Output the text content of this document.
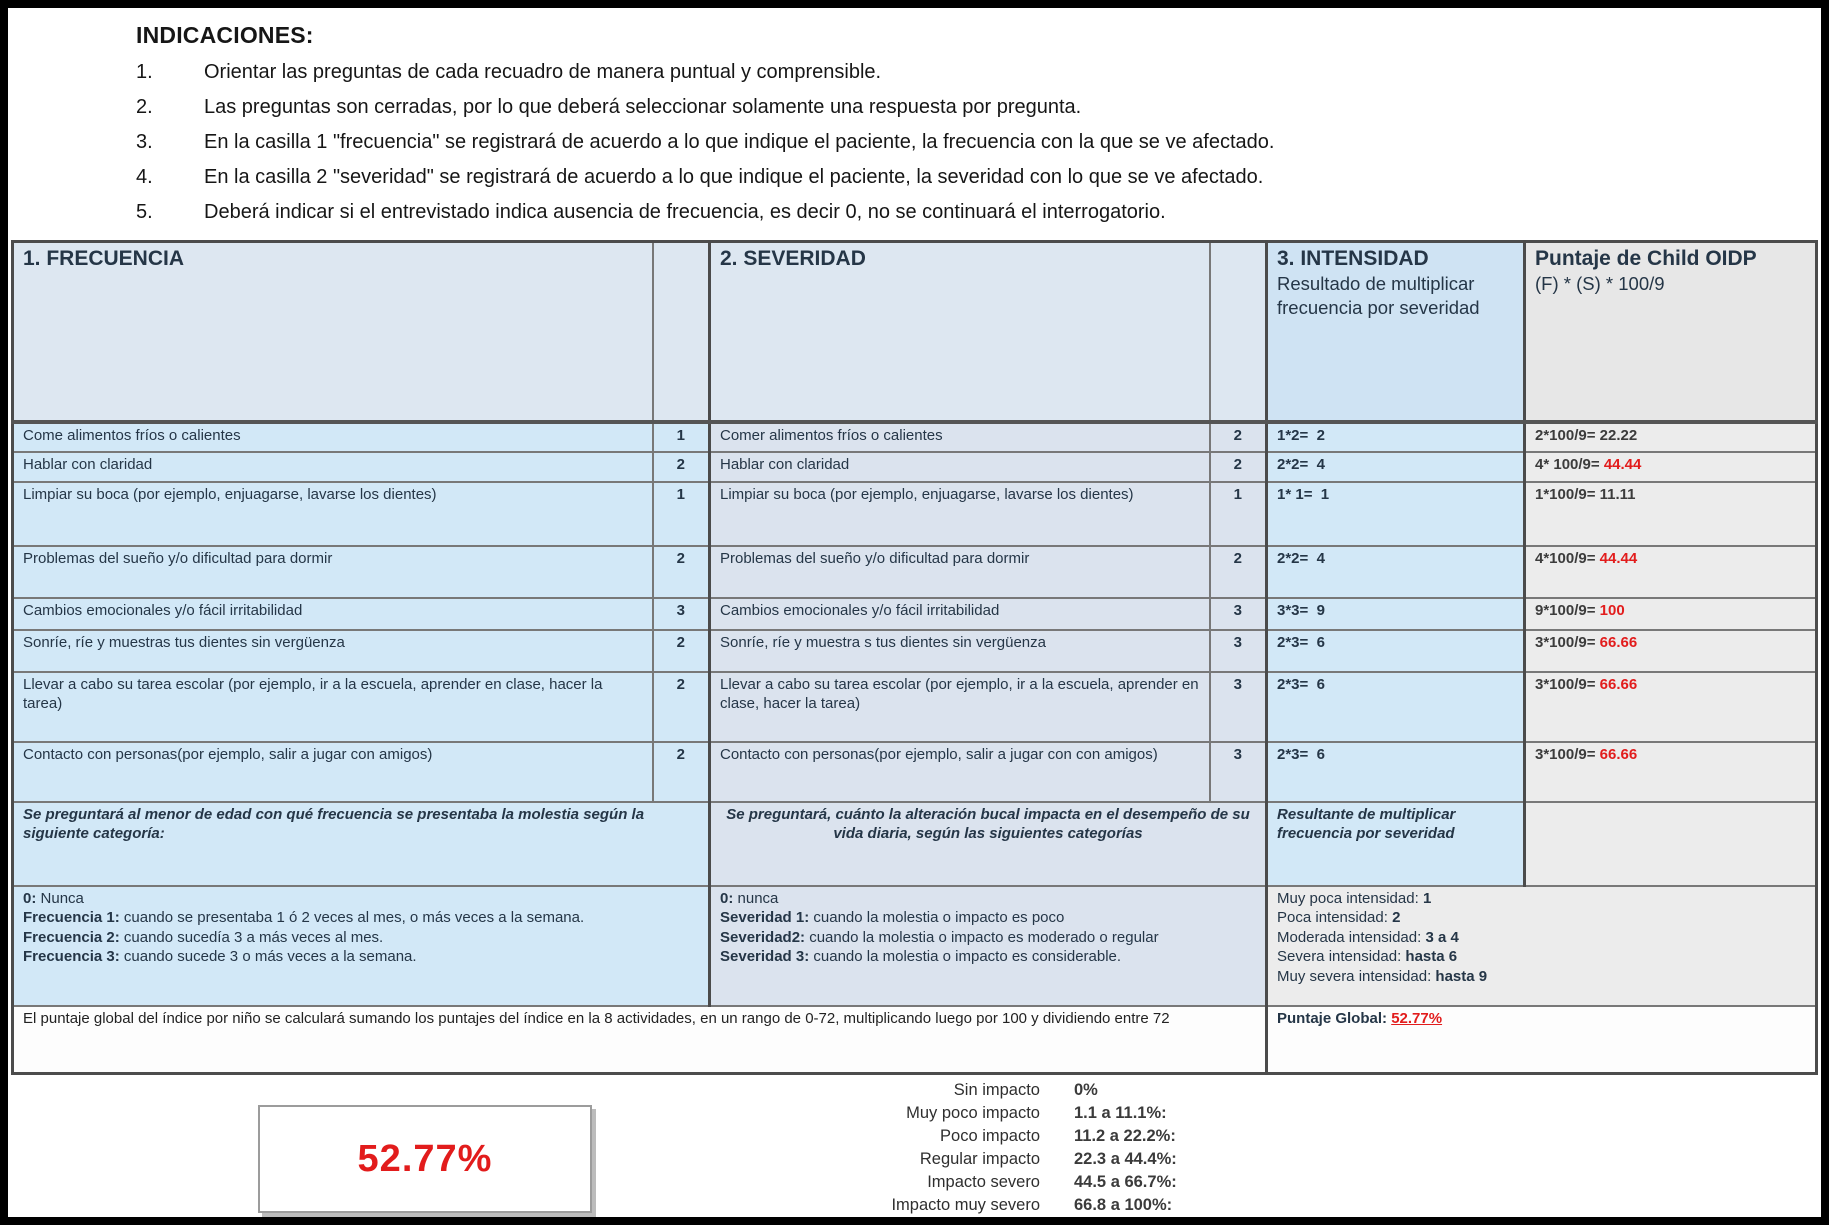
INDICACIONES:
1.	Orientar las preguntas de cada recuadro de manera puntual y comprensible.
2.	Las preguntas son cerradas, por lo que deberá seleccionar solamente una respuesta por pregunta.
3.	En la casilla 1 "frecuencia" se registrará de acuerdo a lo que indique el paciente, la frecuencia con la que se ve afectado.
4.	En la casilla 2 "severidad" se registrará de acuerdo a lo que indique el paciente, la severidad con lo que se ve afectado.
5.	Deberá indicar si el entrevistado indica ausencia de frecuencia, es decir 0, no se continuará el interrogatorio.
1. FRECUENCIA		2. SEVERIDAD		3. INTENSIDAD
Resultado de multiplicar frecuencia por severidad

Puntaje de Child OIDP
(F) * (S) * 100/9

Come alimentos fríos o calientes	1	Comer alimentos fríos o calientes	2	1*2=  2	2*100/9= 22.22
Hablar con claridad	2	Hablar con claridad	2	2*2=  4	4* 100/9= 44.44
Limpiar su boca (por ejemplo, enjuagarse, lavarse los dientes)	1	Limpiar su boca (por ejemplo, enjuagarse, lavarse los dientes)	1	1* 1=  1	1*100/9= 11.11
Problemas del sueño y/o dificultad para dormir	2	Problemas del sueño y/o dificultad para dormir	2	2*2=  4	4*100/9= 44.44
Cambios emocionales y/o fácil irritabilidad	3	Cambios emocionales y/o fácil irritabilidad	3	3*3=  9	9*100/9= 100
Sonríe, ríe y muestras tus dientes sin vergüenza	2	Sonríe, ríe y muestra s tus dientes sin vergüenza	3	2*3=  6	3*100/9= 66.66
Llevar a cabo su tarea escolar (por ejemplo, ir a la escuela, aprender en clase, hacer la tarea)	2	Llevar a cabo su tarea escolar (por ejemplo, ir a la escuela, aprender en clase, hacer la tarea)	3	2*3=  6	3*100/9= 66.66
Contacto con personas(por ejemplo, salir a jugar con amigos)	2	Contacto con personas(por ejemplo, salir a jugar con con amigos)	3	2*3=  6	3*100/9= 66.66
Se preguntará al menor de edad con qué frecuencia se presentaba la molestia según la siguiente categoría:		Se preguntará, cuánto la alteración bucal impacta en el desempeño de su vida diaria, según las siguientes categorías		Resultante de multiplicar frecuencia por severidad	

0: Nunca
Frecuencia 1: cuando se presentaba 1 ó 2 veces al mes, o más veces a la semana.
Frecuencia 2: cuando sucedía 3 a más veces al mes.
Frecuencia 3: cuando sucede 3 o más veces a la semana.

0: nunca
Severidad 1: cuando la molestia o impacto es poco
Severidad2: cuando la molestia o impacto es moderado o regular
Severidad 3: cuando la molestia o impacto es considerable.

Muy poca intensidad: 1
Poca intensidad: 2
Moderada intensidad: 3 a 4
Severa intensidad: hasta 6
Muy severa intensidad: hasta 9

El puntaje global del índice por niño se calculará sumando los puntajes del índice en la 8 actividades, en un rango de 0-72, multiplicando luego por 100 y dividiendo entre 72				Puntaje Global: 52.77%	
Sin impacto 0%
Muy poco impacto 1.1 a 11.1%:
Poco impacto 11.2 a 22.2%:
Regular impacto 22.3 a 44.4%:
Impacto severo 44.5 a 66.7%:
Impacto muy severo 66.8 a 100%:
52.77%
